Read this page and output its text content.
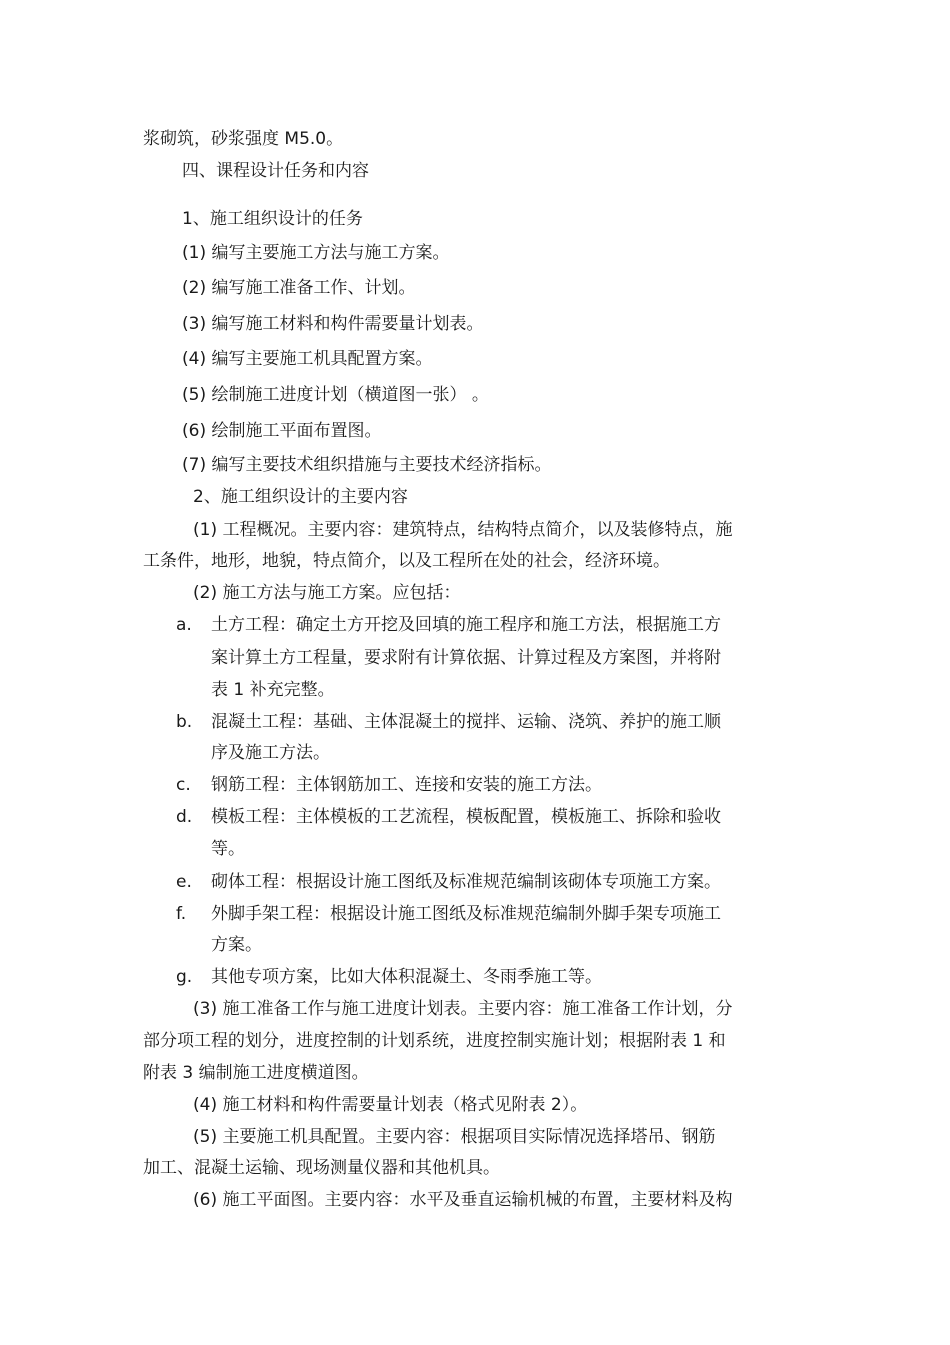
浆砌筑，砂浆强度 M5.0。
四、课程设计任务和内容
1、施工组织设计的任务
(1) 编写主要施工方法与施工方案。
(2) 编写施工准备工作、计划。
(3) 编写施工材料和构件需要量计划表。
(4) 编写主要施工机具配置方案。
(5) 绘制施工进度计划（横道图一张） 。
(6) 绘制施工平面布置图。
(7) 编写主要技术组织措施与主要技术经济指标。
2、施工组织设计的主要内容
(1) 工程概况。主要内容：建筑特点，结构特点简介，以及装修特点，施
工条件，地形，地貌，特点简介，以及工程所在处的社会，经济环境。
(2) 施工方法与施工方案。应包括：
a. 土方工程：确定土方开挖及回填的施工程序和施工方法，根据施工方
案计算土方工程量，要求附有计算依据、计算过程及方案图，并将附
表 1 补充完整。
b. 混凝土工程：基础、主体混凝土的搅拌、运输、浇筑、养护的施工顺
序及施工方法。
c. 钢筋工程：主体钢筋加工、连接和安装的施工方法。
d. 模板工程：主体模板的工艺流程，模板配置，模板施工、拆除和验收
等。
e. 砌体工程：根据设计施工图纸及标准规范编制该砌体专项施工方案。
f. 外脚手架工程：根据设计施工图纸及标准规范编制外脚手架专项施工
方案。
g. 其他专项方案，比如大体积混凝土、冬雨季施工等。
(3) 施工准备工作与施工进度计划表。主要内容：施工准备工作计划，分
部分项工程的划分，进度控制的计划系统，进度控制实施计划；根据附表 1 和
附表 3 编制施工进度横道图。
(4) 施工材料和构件需要量计划表（格式见附表 2）。
(5) 主要施工机具配置。主要内容：根据项目实际情况选择塔吊、钢筋
加工、混凝土运输、现场测量仪器和其他机具。
(6) 施工平面图。主要内容：水平及垂直运输机械的布置，主要材料及构
